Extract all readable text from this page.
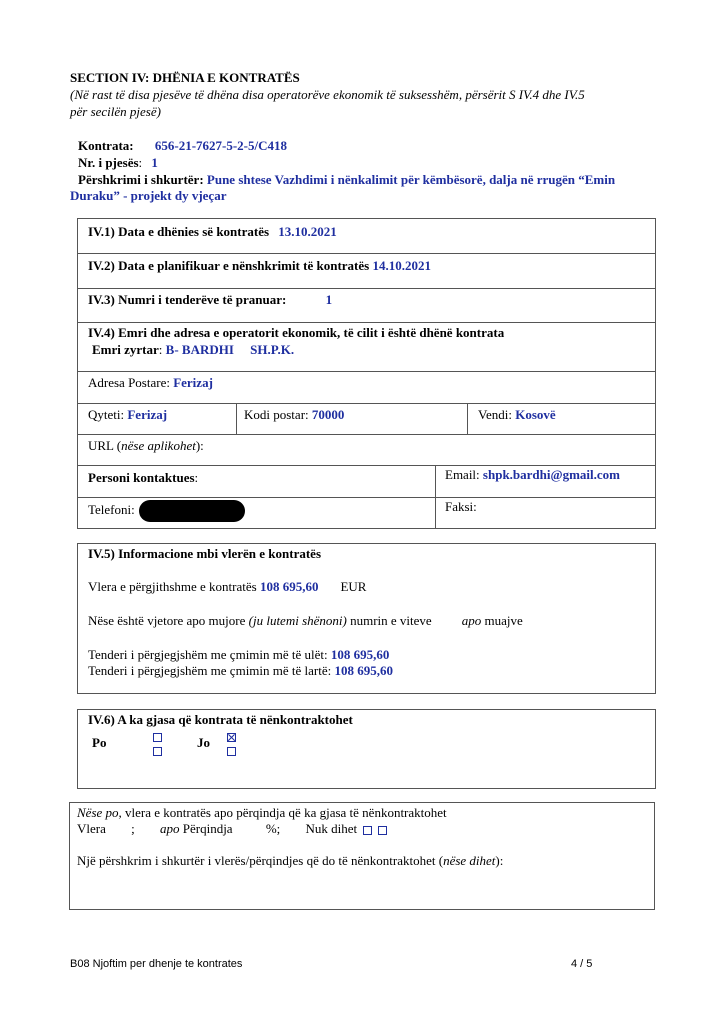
SECTION IV: DHËNIA E KONTRATËS
(Në rast të disa pjesëve të dhëna disa operatorëve ekonomik të suksesshëm, përsërit S IV.4 dhe IV.5
për secilën pjesë)
Kontrata: 656-21-7627-5-2-5/C418
Nr. i pjesës: 1
Përshkrimi i shkurtër: Pune shtese Vazhdimi i nënkalimit për këmbësorë, dalja në rrugën “Emin
Duraku” - projekt dy vjeçar
IV.1) Data e dhënies së kontratës 13.10.2021
IV.2) Data e planifikuar e nënshkrimit të kontratës 14.10.2021
IV.3) Numri i tenderëve të pranuar:	1
IV.4) Emri dhe adresa e operatorit ekonomik, të cilit i është dhënë kontrata
Emri zyrtar: B- BARDHI     SH.P.K.
Adresa Postare: Ferizaj
Qyteti: Ferizaj	Kodi postar: 70000	Vendi: Kosovë
URL (nëse aplikohet):
Personi kontaktues:	Email: shpk.bardhi@gmail.com
Telefoni:	Faksi:
IV.5) Informacione mbi vlerën e kontratës
Vlera e përgjithshme e kontratës 108 695,60 EUR
Nëse është vjetore apo mujore (ju lutemi shënoni) numrin e viteve apo muajve
Tenderi i përgjegjshëm me çmimin më të ulët: 108 695,60
Tenderi i përgjegjshëm me çmimin më të lartë: 108 695,60
IV.6) A ka gjasa që kontrata të nënkontraktohet
Po	Jo
Nëse po, vlera e kontratës apo përqindja që ka gjasa të nënkontraktohet
Vlera ; apo Përqindja	%; Nuk dihet
Një përshkrim i shkurtër i vlerës/përqindjes që do të nënkontraktohet (nëse dihet):
B08 Njoftim per dhenje te kontrates	4 / 5
